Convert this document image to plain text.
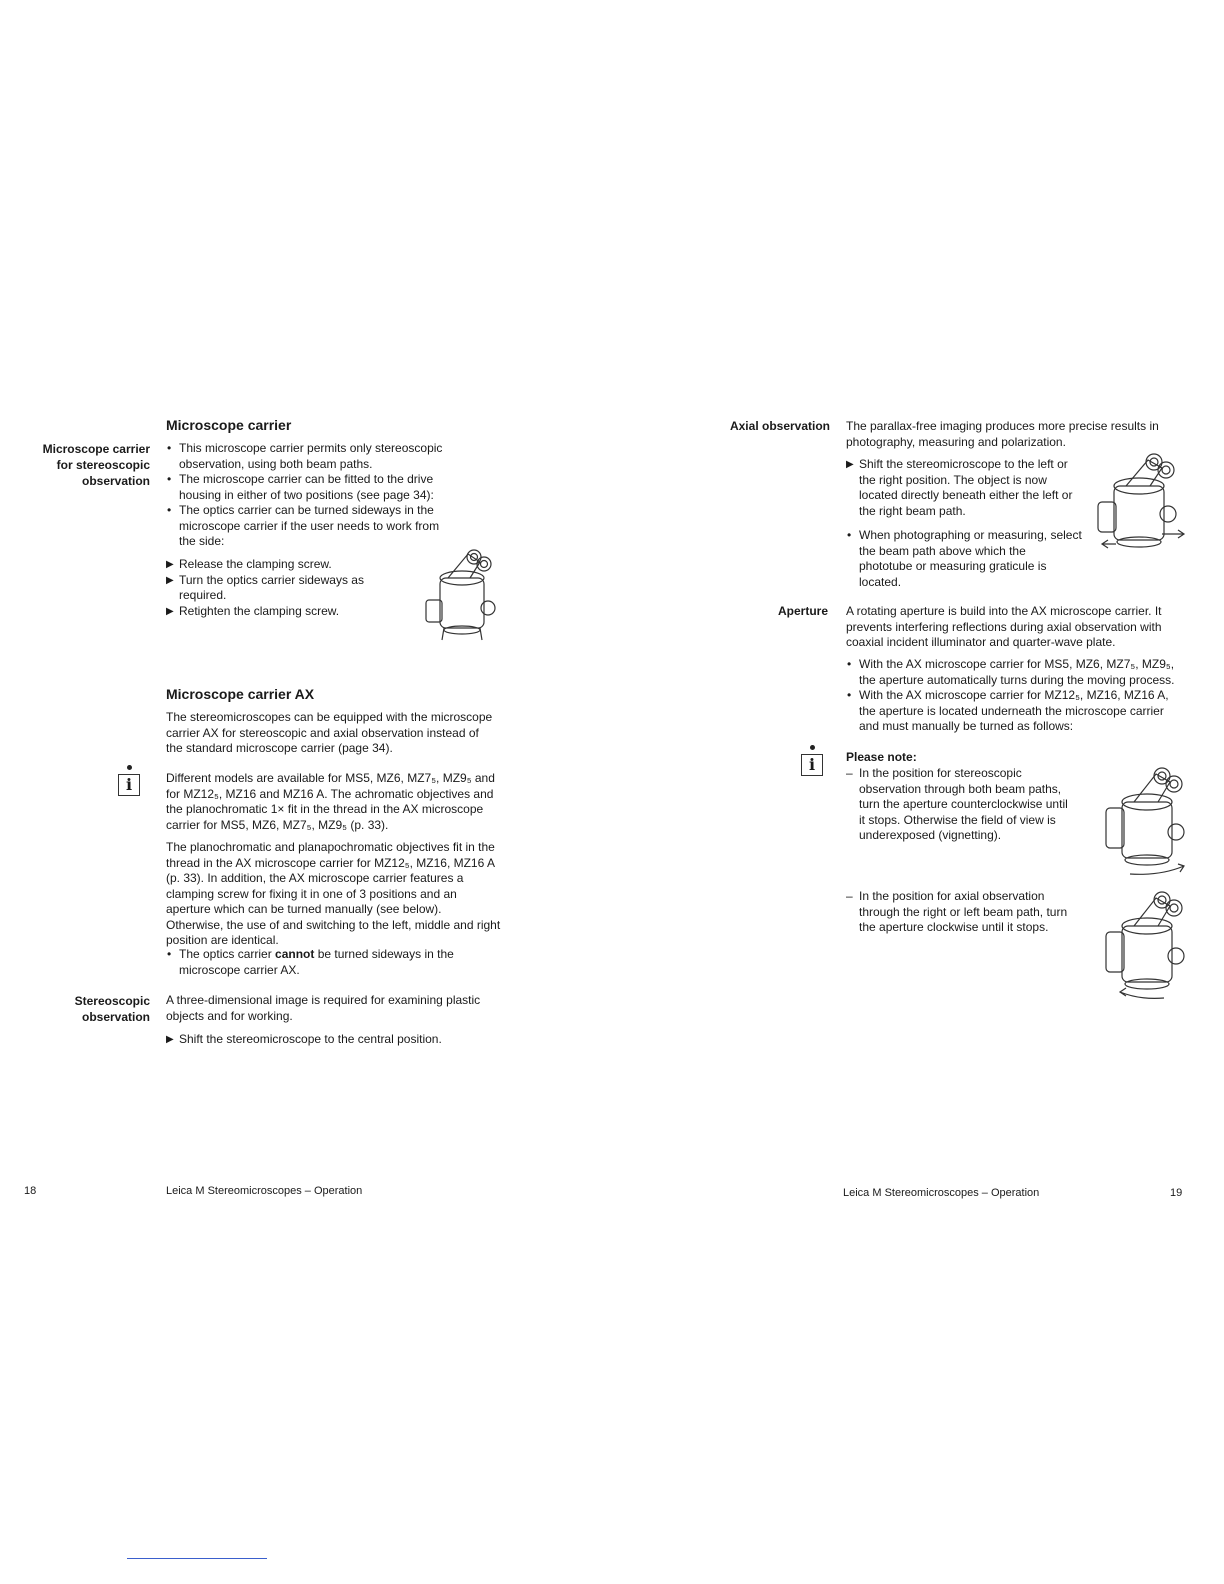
Microscope carrier
Microscope carrier
for stereoscopic
observation
• This microscope carrier permits only stereoscopic observation, using both beam paths.
• The microscope carrier can be fitted to the drive housing in either of two positions (see page 34):
• The optics carrier can be turned sideways in the microscope carrier if the user needs to work from the side:
▶ Release the clamping screw.
▶ Turn the optics carrier sideways as required.
▶ Retighten the clamping screw.
Microscope carrier AX
The stereomicroscopes can be equipped with the microscope carrier AX for stereoscopic and axial observation instead of the standard microscope carrier (page 34).
i	Different models are available for MS5, MZ6, MZ7₅, MZ9₅ and for MZ12₅, MZ16 and MZ16 A. The achromatic objectives and the planochromatic 1× fit in the thread in the AX microscope carrier for MS5, MZ6, MZ7₅, MZ9₅ (p. 33).
The planochromatic and planapochromatic objectives fit in the thread in the AX microscope carrier for MZ12₅, MZ16, MZ16 A (p. 33). In addition, the AX microscope carrier features a clamping screw for fixing it in one of 3 positions and an aperture which can be turned manually (see below). Otherwise, the use of and switching to the left, middle and right position are identical.
• The optics carrier cannot be turned sideways in the microscope carrier AX.
Stereoscopic
observation
A three-dimensional image is required for examining plastic objects and for working.
▶ Shift the stereomicroscope to the central position.
18	Leica M Stereomicroscopes – Operation
Axial observation The parallax-free imaging produces more precise results in photography, measuring and polarization.
▶ Shift the stereomicroscope to the left or the right position. The object is now located directly beneath either the left or the right beam path.
• When photographing or measuring, select the beam path above which the phototube or measuring graticule is located.
Aperture A rotating aperture is build into the AX microscope carrier. It prevents interfering reflections during axial observation with coaxial incident illuminator and quarter-wave plate.
• With the AX microscope carrier for MS5, MZ6, MZ7₅, MZ9₅, the aperture automatically turns during the moving process.
• With the AX microscope carrier for MZ12₅, MZ16, MZ16 A, the aperture is located underneath the microscope carrier and must manually be turned as follows:
i	Please note:
– In the position for stereoscopic observation through both beam paths, turn the aperture counterclockwise until it stops. Otherwise the field of view is underexposed (vignetting).
– In the position for axial observation through the right or left beam path, turn the aperture clockwise until it stops.
Leica M Stereomicroscopes – Operation	19
